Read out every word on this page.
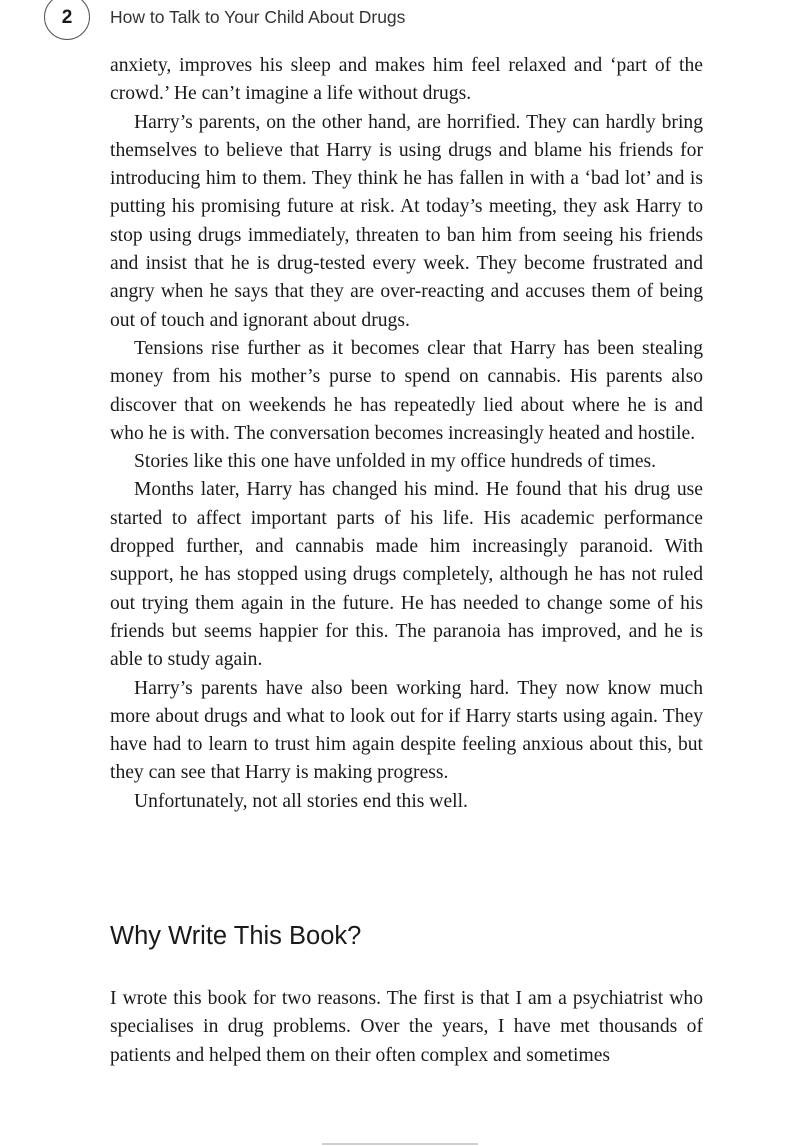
2	How to Talk to Your Child About Drugs

anxiety, improves his sleep and makes him feel relaxed and ‘part of the crowd.’ He can’t imagine a life without drugs.

Harry’s parents, on the other hand, are horrified. They can hardly bring themselves to believe that Harry is using drugs and blame his friends for introducing him to them. They think he has fallen in with a ‘bad lot’ and is putting his promising future at risk. At today’s meeting, they ask Harry to stop using drugs immediately, threaten to ban him from seeing his friends and insist that he is drug-tested every week. They become frustrated and angry when he says that they are over-reacting and accuses them of being out of touch and ignorant about drugs.

Tensions rise further as it becomes clear that Harry has been stealing money from his mother’s purse to spend on cannabis. His parents also discover that on weekends he has repeatedly lied about where he is and who he is with. The conversation becomes increasingly heated and hostile.

Stories like this one have unfolded in my office hundreds of times.

Months later, Harry has changed his mind. He found that his drug use started to affect important parts of his life. His academic performance dropped further, and cannabis made him increasingly paranoid. With support, he has stopped using drugs completely, although he has not ruled out trying them again in the future. He has needed to change some of his friends but seems happier for this. The paranoia has improved, and he is able to study again.

Harry’s parents have also been working hard. They now know much more about drugs and what to look out for if Harry starts using again. They have had to learn to trust him again despite feeling anxious about this, but they can see that Harry is making progress.

Unfortunately, not all stories end this well.

Why Write This Book?

I wrote this book for two reasons. The first is that I am a psychiatrist who specialises in drug problems. Over the years, I have met thousands of patients and helped them on their often complex and sometimes
